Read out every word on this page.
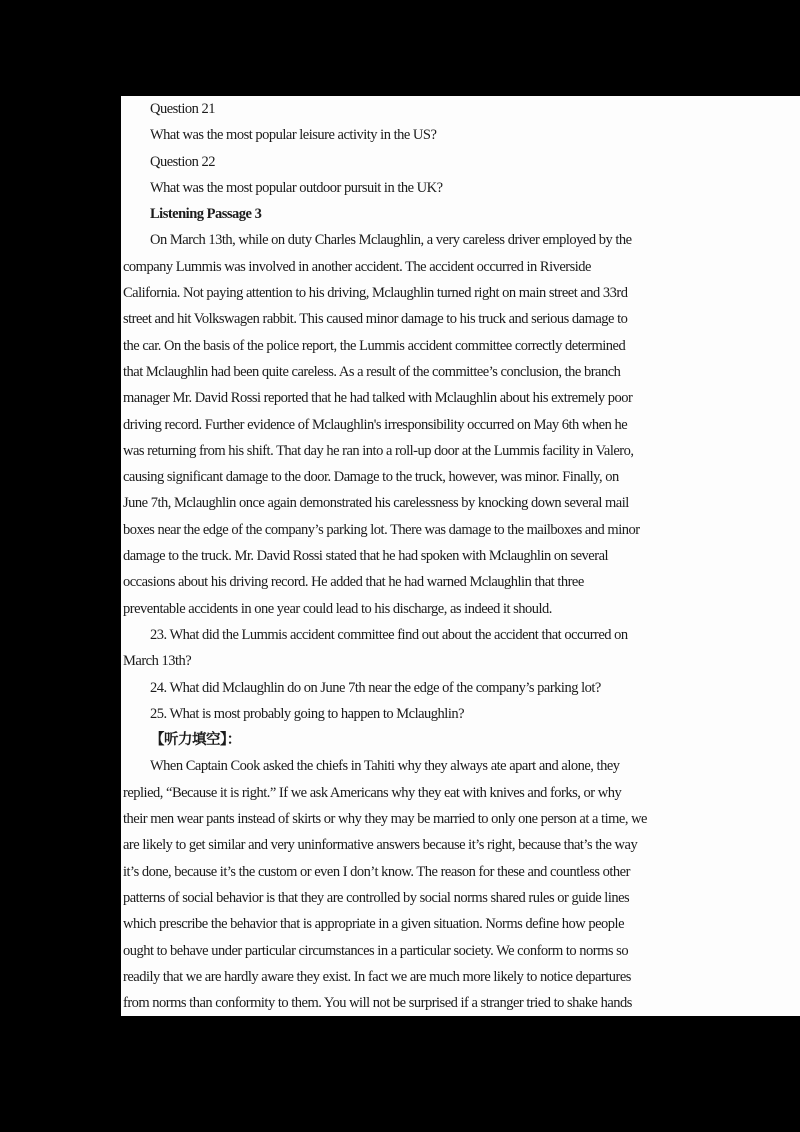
Question 21
What was the most popular leisure activity in the US?
Question 22
What was the most popular outdoor pursuit in the UK?
Listening Passage 3
On March 13th, while on duty Charles Mclaughlin, a very careless driver employed by the
company Lummis was involved in another accident. The accident occurred in Riverside
California. Not paying attention to his driving, Mclaughlin turned right on main street and 33rd
street and hit Volkswagen rabbit. This caused minor damage to his truck and serious damage to
the car. On the basis of the police report, the Lummis accident committee correctly determined
that Mclaughlin had been quite careless. As a result of the committee’s conclusion, the branch
manager Mr. David Rossi reported that he had talked with Mclaughlin about his extremely poor
driving record. Further evidence of Mclaughlin's irresponsibility occurred on May 6th when he
was returning from his shift. That day he ran into a roll-up door at the Lummis facility in Valero,
causing significant damage to the door. Damage to the truck, however, was minor. Finally, on
June 7th, Mclaughlin once again demonstrated his carelessness by knocking down several mail
boxes near the edge of the company’s parking lot. There was damage to the mailboxes and minor
damage to the truck. Mr. David Rossi stated that he had spoken with Mclaughlin on several
occasions about his driving record. He added that he had warned Mclaughlin that three
preventable accidents in one year could lead to his discharge, as indeed it should.
23. What did the Lummis accident committee find out about the accident that occurred on
March 13th?
24. What did Mclaughlin do on June 7th near the edge of the company’s parking lot?
25. What is most probably going to happen to Mclaughlin?
【听力填空】：
When Captain Cook asked the chiefs in Tahiti why they always ate apart and alone, they
replied, “Because it is right.” If we ask Americans why they eat with knives and forks, or why
their men wear pants instead of skirts or why they may be married to only one person at a time, we
are likely to get similar and very uninformative answers because it’s right, because that’s the way
it’s done, because it’s the custom or even I don’t know. The reason for these and countless other
patterns of social behavior is that they are controlled by social norms shared rules or guide lines
which prescribe the behavior that is appropriate in a given situation. Norms define how people
ought to behave under particular circumstances in a particular society. We conform to norms so
readily that we are hardly aware they exist. In fact we are much more likely to notice departures
from norms than conformity to them. You will not be surprised if a stranger tried to shake hands
